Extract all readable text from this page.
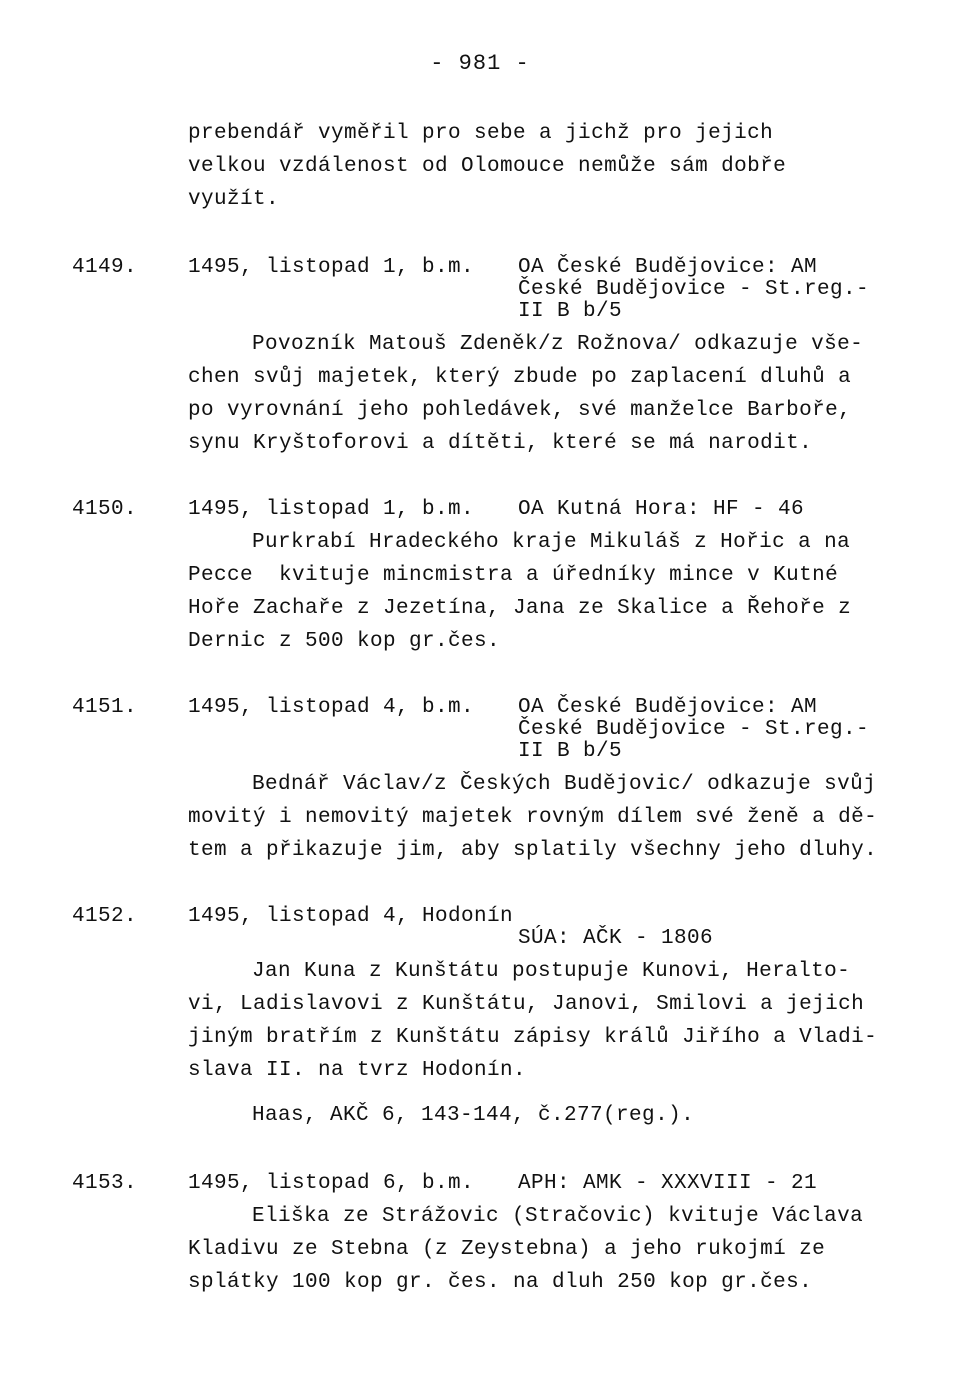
- 981 -
prebendář vyměřil pro sebe a jichž pro jejich
velkou vzdálenost od Olomouce nemůže sám dobře
využít.
4149. 1495, listopad 1, b.m. OA České Budějovice: AM
České Budějovice - St.reg.-
II B b/5
Povozník Matouš Zdeněk/z Rožnova/ odkazuje vše-
chen svůj majetek, který zbude po zaplacení dluhů a
po vyrovnání jeho pohledávek, své manželce Barboře,
synu Kryštoforovi a dítěti, které se má narodit.
4150. 1495, listopad 1, b.m. OA Kutná Hora: HF - 46
Purkrabí Hradeckého kraje Mikuláš z Hořic a na
Pecce  kvituje mincmistra a úředníky mince v Kutné
Hoře Zachaře z Jezetína, Jana ze Skalice a Řehoře z
Dernic z 500 kop gr.čes.
4151. 1495, listopad 4, b.m. OA České Budějovice: AM
České Budějovice - St.reg.-
II B b/5
Bednář Václav/z Českých Budějovic/ odkazuje svůj
movitý i nemovitý majetek rovným dílem své ženě a dě-
tem a přikazuje jim, aby splatily všechny jeho dluhy.
4152. 1495, listopad 4, Hodonín
SÚA: AČK - 1806
Jan Kuna z Kunštátu postupuje Kunovi, Heralto-
vi, Ladislavovi z Kunštátu, Janovi, Smilovi a jejich
jiným bratřím z Kunštátu zápisy králů Jiřího a Vladi-
slava II. na tvrz Hodonín.
Haas, AKČ 6, 143-144, č.277(reg.).
4153. 1495, listopad 6, b.m. APH: AMK - XXXVIII - 21
Eliška ze Strážovic (Stračovic) kvituje Václava
Kladivu ze Stebna (z Zeystebna) a jeho rukojmí ze
splátky 100 kop gr. čes. na dluh 250 kop gr.čes.
